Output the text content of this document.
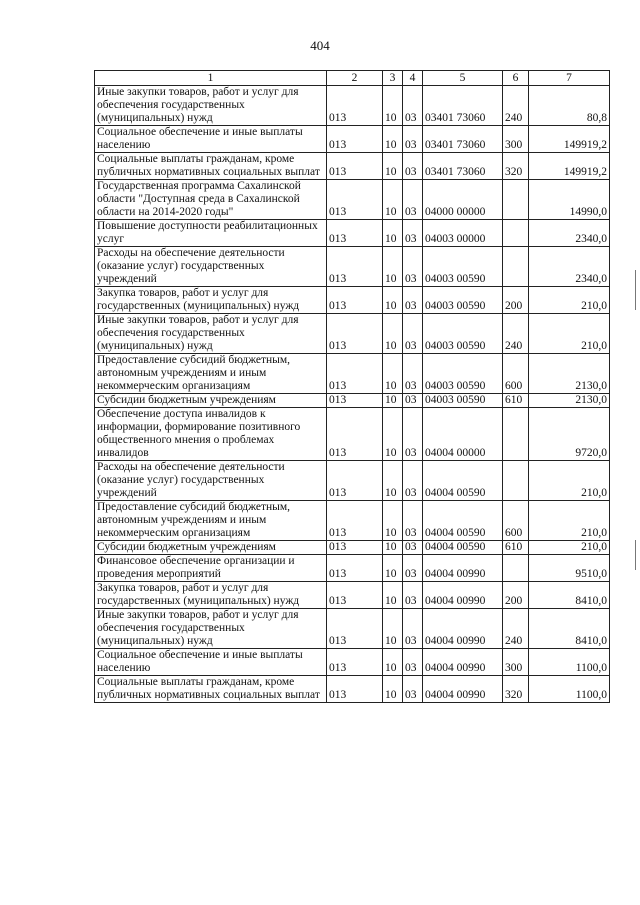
404
1	2	3	4	5	6	7
Иные закупки товаров, работ и услуг для обеспечения государственных (муниципальных) нужд	013	10	03	03401 73060	240	80,8
Социальное обеспечение и иные выплаты населению	013	10	03	03401 73060	300	149919,2
Социальные выплаты гражданам, кроме публичных нормативных социальных выплат	013	10	03	03401 73060	320	149919,2
Государственная программа Сахалинской области "Доступная среда в Сахалинской области на 2014-2020 годы"	013	10	03	04000 00000		14990,0
Повышение доступности реабилитационных услуг	013	10	03	04003 00000		2340,0
Расходы на обеспечение деятельности (оказание услуг) государственных учреждений	013	10	03	04003 00590		2340,0
Закупка товаров, работ и услуг для государственных (муниципальных) нужд	013	10	03	04003 00590	200	210,0
Иные закупки товаров, работ и услуг для обеспечения государственных (муниципальных) нужд	013	10	03	04003 00590	240	210,0
Предоставление субсидий бюджетным, автономным учреждениям и иным некоммерческим организациям	013	10	03	04003 00590	600	2130,0
Субсидии бюджетным учреждениям	013	10	03	04003 00590	610	2130,0
Обеспечение доступа инвалидов к информации, формирование позитивного общественного мнения о проблемах инвалидов	013	10	03	04004 00000		9720,0
Расходы на обеспечение деятельности (оказание услуг) государственных учреждений	013	10	03	04004 00590		210,0
Предоставление субсидий бюджетным, автономным учреждениям и иным некоммерческим организациям	013	10	03	04004 00590	600	210,0
Субсидии бюджетным учреждениям	013	10	03	04004 00590	610	210,0
Финансовое обеспечение организации и проведения мероприятий	013	10	03	04004 00990		9510,0
Закупка товаров, работ и услуг для государственных (муниципальных) нужд	013	10	03	04004 00990	200	8410,0
Иные закупки товаров, работ и услуг для обеспечения государственных (муниципальных) нужд	013	10	03	04004 00990	240	8410,0
Социальное обеспечение и иные выплаты населению	013	10	03	04004 00990	300	1100,0
Социальные выплаты гражданам, кроме публичных нормативных социальных выплат	013	10	03	04004 00990	320	1100,0
